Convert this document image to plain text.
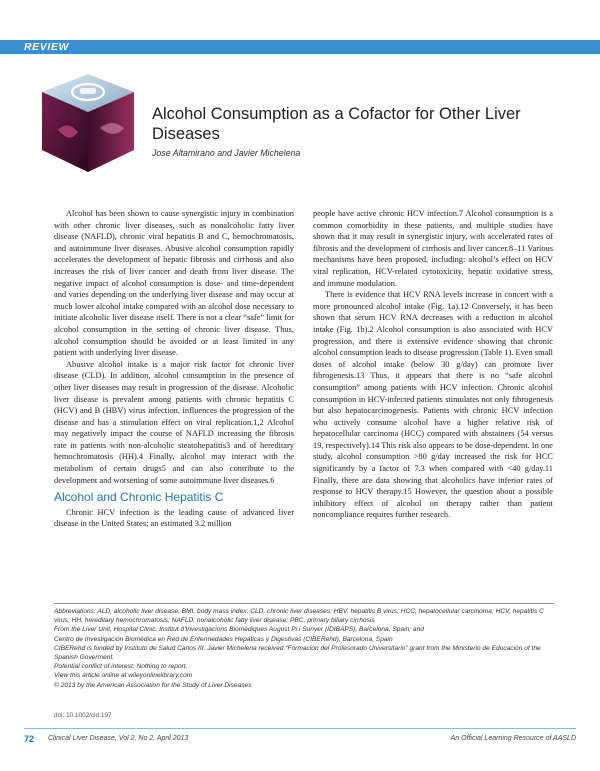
REVIEW
Alcohol Consumption as a Cofactor for Other Liver Diseases
Jose Altamirano and Javier Michelena

Alcohol has been shown to cause synergistic injury in combination with other chronic liver diseases, such as nonalcoholic fatty liver disease (NAFLD), chronic viral hepatitis B and C, hemochromatosis, and autoimmune liver diseases. Abusive alcohol consumption rapidly accelerates the development of hepatic fibrosis and cirrhosis and also increases the risk of liver cancer and death from liver disease. The negative impact of alcohol consumption is dose- and time-dependent and varies depending on the underlying liver disease and may occur at much lower alcohol intake compared with an alcohol dose necessary to initiate alcoholic liver disease itself. There is not a clear “safe” limit for alcohol consumption in the setting of chronic liver disease. Thus, alcohol consumption should be avoided or at least limited in any patient with underlying liver disease.

Abusive alcohol intake is a major risk factor for chronic liver disease (CLD). In addition, alcohol consumption in the presence of other liver diseases may result in progression of the disease. Alcoholic liver disease is prevalent among patients with chronic hepatitis C (HCV) and B (HBV) virus infection, influences the progression of the disease and has a stimulation effect on viral replication.1,2 Alcohol may negatively impact the course of NAFLD increasing the fibrosis rate in patients with non-alcoholic steatohepatitis3 and of hereditary hemochromatosis (HH).4 Finally, alcohol may interact with the metabolism of certain drugs5 and can also contribute to the development and worsening of some autoimmune liver diseases.6

Alcohol and Chronic Hepatitis C

Chronic HCV infection is the leading cause of advanced liver disease in the United States; an estimated 3.2 million

people have active chronic HCV infection.7 Alcohol consumption is a common comorbidity in these patients, and multiple studies have shown that it may result in synergistic injury, with accelerated rates of fibrosis and the development of cirrhosis and liver cancer.8–11 Various mechanisms have been proposed, including: alcohol’s effect on HCV viral replication, HCV-related cytotoxicity, hepatic oxidative stress, and immune modulation.

There is evidence that HCV RNA levels increase in concert with a more pronounced alcohol intake (Fig. 1a).12 Conversely, it has been shown that serum HCV RNA decreases with a reduction in alcohol intake (Fig. 1b).2 Alcohol consumption is also associated with HCV progression, and there is extensive evidence showing that chronic alcohol consumption leads to disease progression (Table 1). Even small doses of alcohol intake (below 30 g/day) can promote liver fibrogenesis.13 Thus, it appears that there is no “safe alcohol consumption” among patients with HCV infection. Chronic alcohol consumption in HCV-infected patients stimulates not only fibrogenesis but also hepatocarcinogenesis. Patients with chronic HCV infection who actively consume alcohol have a higher relative risk of hepatocellular carcinoma (HCC) compared with abstainers (54 versus 19, respectively).14 This risk also appears to be dose-dependent. In one study, alcohol consumption >80 g/day increased the risk for HCC significantly by a factor of 7.3 when compared with <40 g/day.11 Finally, there are data showing that alcoholics have inferior rates of response to HCV therapy.15 However, the question about a possible inhibitory effect of alcohol on therapy rather than patient noncompliance requires further research.

Abbreviations: ALD, alcoholic liver disease; BMI, body mass index; CLD, chronic liver diseases; HBV, hepatitis B virus; HCC, hepatocellular carcinoma; HCV, hepatitis C virus; HH, hereditary hemochromatosis; NAFLD, nonalcoholic fatty liver disease; PBC, primary biliary cirrhosis
From the Liver Unit, Hospital Clinic, Institut d’Investigacions Biomèdiques August Pi i Sunyer (IDIBAPS), Barcelona, Spain; and
Centro de Investigación Biomédica en Red de Enfermedades Hepáticas y Digestivas (CIBERehd), Barcelona, Spain
CIBERehd is funded by Instituto de Salud Carlos III. Javier Michelena received “Formación del Profesorado Universitario” grant from the Ministerio de Educación of the Spanish Goverment.
Potential conflict of interest: Nothing to report.
View this article online at wileyonlinelibrary.com
© 2013 by the American Association for the Study of Liver Diseases
doi: 10.1002/cld.197
72 Clinical Liver Disease, Vol 2, No 2, April 2013	An Official Learning Resource of AASLD
